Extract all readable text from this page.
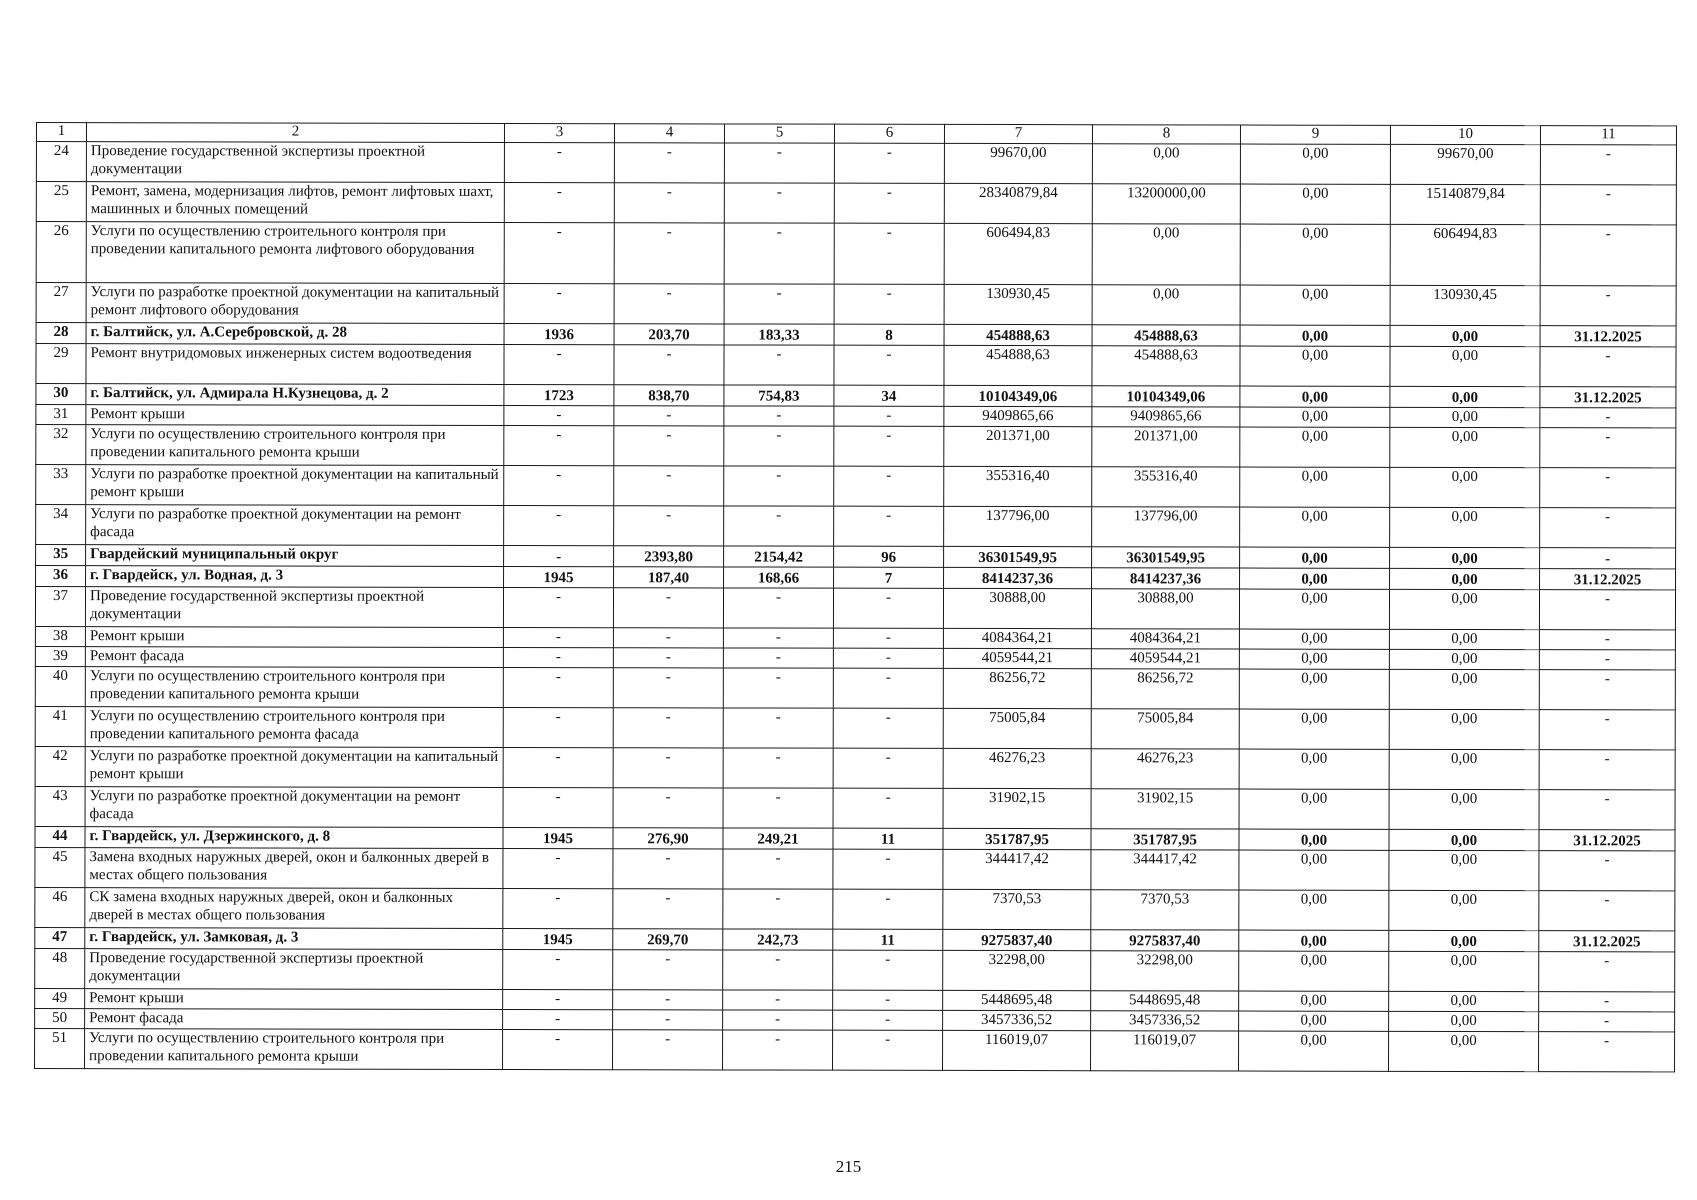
1	2	3	4	5	6	7	8	9	10	11
24	Проведение государственной экспертизы проектной документации	-	-	-	-	99670,00	0,00	0,00	99670,00	-
25	Ремонт, замена, модернизация лифтов, ремонт лифтовых шахт, машинных и блочных помещений	-	-	-	-	28340879,84	13200000,00	0,00	15140879,84	-
26	Услуги по осуществлению строительного контроля при проведении капитального ремонта лифтового оборудования	-	-	-	-	606494,83	0,00	0,00	606494,83	-
27	Услуги по разработке проектной документации на капитальный ремонт лифтового оборудования	-	-	-	-	130930,45	0,00	0,00	130930,45	-
28	г. Балтийск, ул. А.Серебровской, д. 28	1936	203,70	183,33	8	454888,63	454888,63	0,00	0,00	31.12.2025
29	Ремонт внутридомовых инженерных систем водоотведения	-	-	-	-	454888,63	454888,63	0,00	0,00	-
30	г. Балтийск, ул. Адмирала Н.Кузнецова, д. 2	1723	838,70	754,83	34	10104349,06	10104349,06	0,00	0,00	31.12.2025
31	Ремонт крыши	-	-	-	-	9409865,66	9409865,66	0,00	0,00	-
32	Услуги по осуществлению строительного контроля при проведении капитального ремонта крыши	-	-	-	-	201371,00	201371,00	0,00	0,00	-
33	Услуги по разработке проектной документации на капитальный ремонт крыши	-	-	-	-	355316,40	355316,40	0,00	0,00	-
34	Услуги по разработке проектной документации на ремонт фасада	-	-	-	-	137796,00	137796,00	0,00	0,00	-
35	Гвардейский муниципальный округ	-	2393,80	2154,42	96	36301549,95	36301549,95	0,00	0,00	-
36	г. Гвардейск, ул. Водная, д. 3	1945	187,40	168,66	7	8414237,36	8414237,36	0,00	0,00	31.12.2025
37	Проведение государственной экспертизы проектной документации	-	-	-	-	30888,00	30888,00	0,00	0,00	-
38	Ремонт крыши	-	-	-	-	4084364,21	4084364,21	0,00	0,00	-
39	Ремонт фасада	-	-	-	-	4059544,21	4059544,21	0,00	0,00	-
40	Услуги по осуществлению строительного контроля при проведении капитального ремонта крыши	-	-	-	-	86256,72	86256,72	0,00	0,00	-
41	Услуги по осуществлению строительного контроля при проведении капитального ремонта фасада	-	-	-	-	75005,84	75005,84	0,00	0,00	-
42	Услуги по разработке проектной документации на капитальный ремонт крыши	-	-	-	-	46276,23	46276,23	0,00	0,00	-
43	Услуги по разработке проектной документации на ремонт фасада	-	-	-	-	31902,15	31902,15	0,00	0,00	-
44	г. Гвардейск, ул. Дзержинского, д. 8	1945	276,90	249,21	11	351787,95	351787,95	0,00	0,00	31.12.2025
45	Замена входных наружных дверей, окон и балконных дверей в местах общего пользования	-	-	-	-	344417,42	344417,42	0,00	0,00	-
46	СК замена входных наружных дверей, окон и балконных дверей в местах общего пользования	-	-	-	-	7370,53	7370,53	0,00	0,00	-
47	г. Гвардейск, ул. Замковая, д. 3	1945	269,70	242,73	11	9275837,40	9275837,40	0,00	0,00	31.12.2025
48	Проведение государственной экспертизы проектной документации	-	-	-	-	32298,00	32298,00	0,00	0,00	-
49	Ремонт крыши	-	-	-	-	5448695,48	5448695,48	0,00	0,00	-
50	Ремонт фасада	-	-	-	-	3457336,52	3457336,52	0,00	0,00	-
51	Услуги по осуществлению строительного контроля при проведении капитального ремонта крыши	-	-	-	-	116019,07	116019,07	0,00	0,00	-
215
